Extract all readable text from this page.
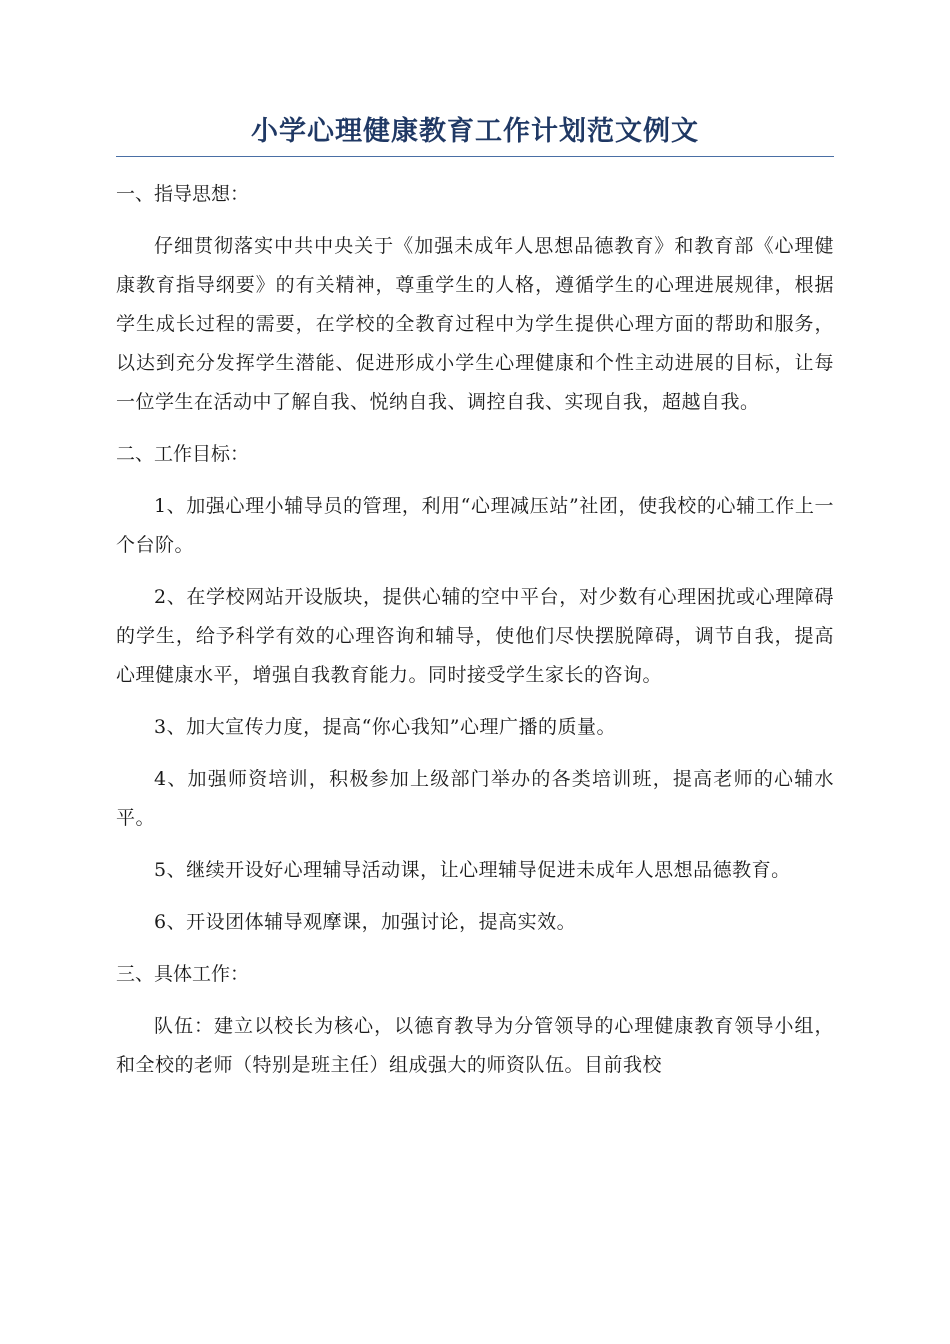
小学心理健康教育工作计划范文例文

一、指导思想：

仔细贯彻落实中共中央关于《加强未成年人思想品德教育》和教育部《心理健康教育指导纲要》的有关精神，尊重学生的人格，遵循学生的心理进展规律，根据学生成长过程的需要，在学校的全教育过程中为学生提供心理方面的帮助和服务，以达到充分发挥学生潜能、促进形成小学生心理健康和个性主动进展的目标，让每一位学生在活动中了解自我、悦纳自我、调控自我、实现自我，超越自我。

二、工作目标：

1、加强心理小辅导员的管理，利用“心理减压站”社团，使我校的心辅工作上一个台阶。

2、在学校网站开设版块，提供心辅的空中平台，对少数有心理困扰或心理障碍的学生，给予科学有效的心理咨询和辅导，使他们尽快摆脱障碍，调节自我，提高心理健康水平，增强自我教育能力。同时接受学生家长的咨询。

3、加大宣传力度，提高“你心我知”心理广播的质量。

4、加强师资培训，积极参加上级部门举办的各类培训班，提高老师的心辅水平。

5、继续开设好心理辅导活动课，让心理辅导促进未成年人思想品德教育。

6、开设团体辅导观摩课，加强讨论，提高实效。

三、具体工作：

队伍：建立以校长为核心，以德育教导为分管领导的心理健康教育领导小组，和全校的老师（特别是班主任）组成强大的师资队伍。目前我校
